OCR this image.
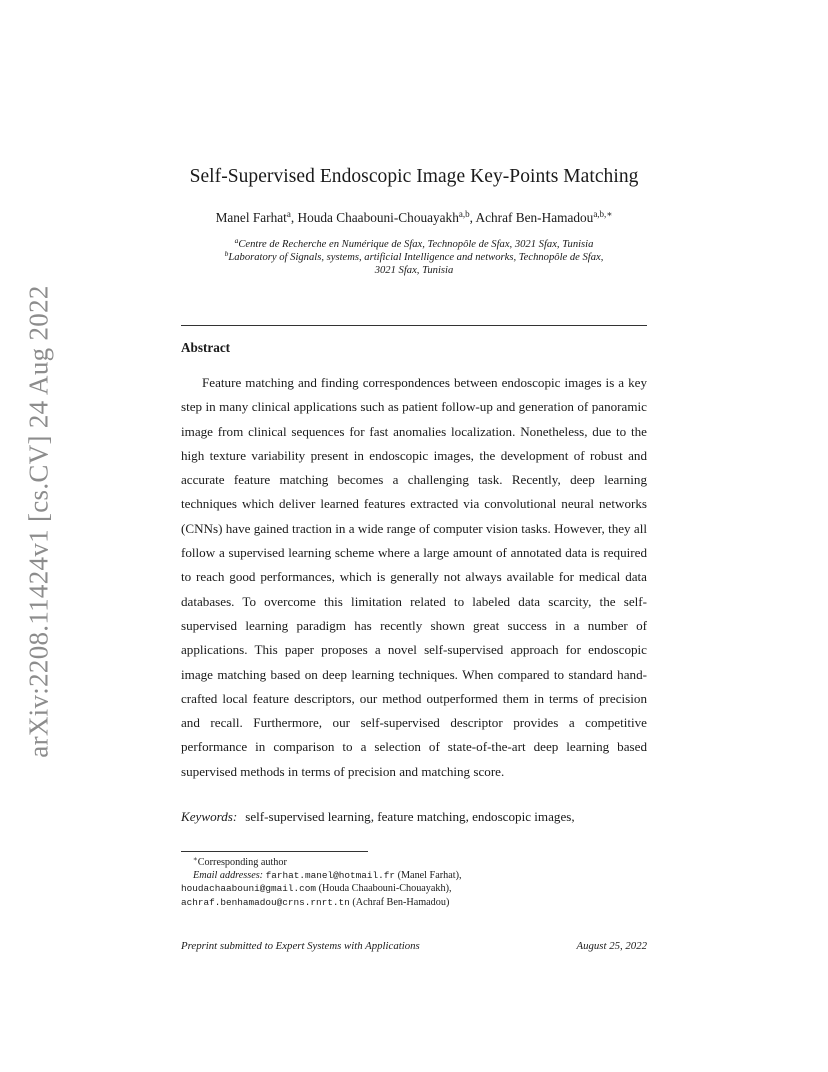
arXiv:2208.11424v1 [cs.CV] 24 Aug 2022
Self-Supervised Endoscopic Image Key-Points Matching
Manel Farhat$^a$, Houda Chaabouni-Chouayakh$^{a,b}$, Achraf Ben-Hamadou$^{a,b,∗}$
$^a$Centre de Recherche en Numérique de Sfax, Technopôle de Sfax, 3021 Sfax, Tunisia
$^b$Laboratory of Signals, systems, artificial Intelligence and networks, Technopôle de Sfax,
3021 Sfax, Tunisia
Abstract

Feature matching and finding correspondences between endoscopic images is a key step in many clinical applications such as patient follow-up and generation of panoramic image from clinical sequences for fast anomalies localization. Nonetheless, due to the high texture variability present in endoscopic images, the development of robust and accurate feature matching becomes a challenging task. Recently, deep learning techniques which deliver learned features extracted via convolutional neural networks (CNNs) have gained traction in a wide range of computer vision tasks. However, they all follow a supervised learning scheme where a large amount of annotated data is required to reach good performances, which is generally not always available for medical data databases. To overcome this limitation related to labeled data scarcity, the self-supervised learning paradigm has recently shown great success in a number of applications. This paper proposes a novel self-supervised approach for endoscopic image matching based on deep learning techniques. When compared to standard hand-crafted local feature descriptors, our method outperformed them in terms of precision and recall. Furthermore, our self-supervised descriptor provides a competitive performance in comparison to a selection of state-of-the-art deep learning based supervised methods in terms of precision and matching score.

Keywords: self-supervised learning, feature matching, endoscopic images,
∗Corresponding author
Email addresses: farhat.manel@hotmail.fr (Manel Farhat),
houdachaabouni@gmail.com (Houda Chaabouni-Chouayakh),
achraf.benhamadou@crns.rnrt.tn (Achraf Ben-Hamadou)
Preprint submitted to Expert Systems with Applications	August 25, 2022
